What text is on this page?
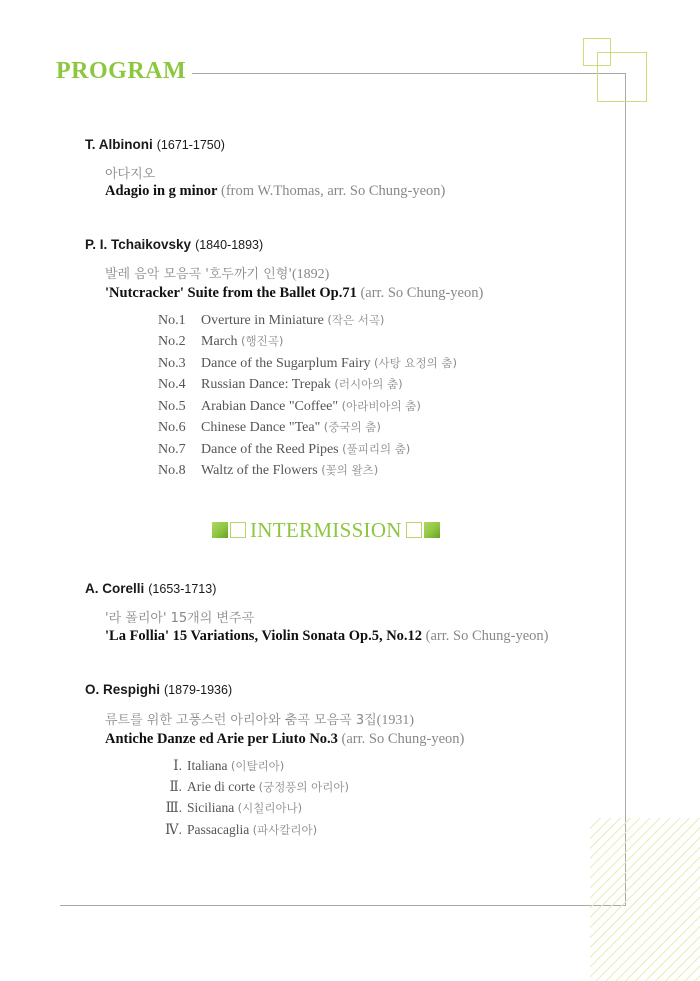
PROGRAM
T. Albinoni (1671-1750)
아다지오
Adagio in g minor (from W.Thomas, arr. So Chung-yeon)
P. I. Tchaikovsky (1840-1893)
발레 음악 모음곡 '호두까기 인형'(1892)
'Nutcracker' Suite from the Ballet Op.71 (arr. So Chung-yeon)
No.1 Overture in Miniature (작은 서곡)
No.2 March (행진곡)
No.3 Dance of the Sugarplum Fairy (사탕 요정의 춤)
No.4 Russian Dance: Trepak (러시아의 춤)
No.5 Arabian Dance "Coffee" (아라비아의 춤)
No.6 Chinese Dance "Tea" (중국의 춤)
No.7 Dance of the Reed Pipes (풀피리의 춤)
No.8 Waltz of the Flowers (꽃의 왈츠)
INTERMISSION
A. Corelli (1653-1713)
'라 폴리아' 15개의 변주곡
'La Follia' 15 Variations, Violin Sonata Op.5, No.12 (arr. So Chung-yeon)
O. Respighi (1879-1936)
류트를 위한 고풍스런 아리아와 춤곡 모음곡 3집(1931)
Antiche Danze ed Arie per Liuto No.3 (arr. So Chung-yeon)
Ⅰ. Italiana (이탈리아)
Ⅱ. Arie di corte (궁정풍의 아리아)
Ⅲ. Siciliana (시칠리아나)
Ⅳ. Passacaglia (파사칼리아)
